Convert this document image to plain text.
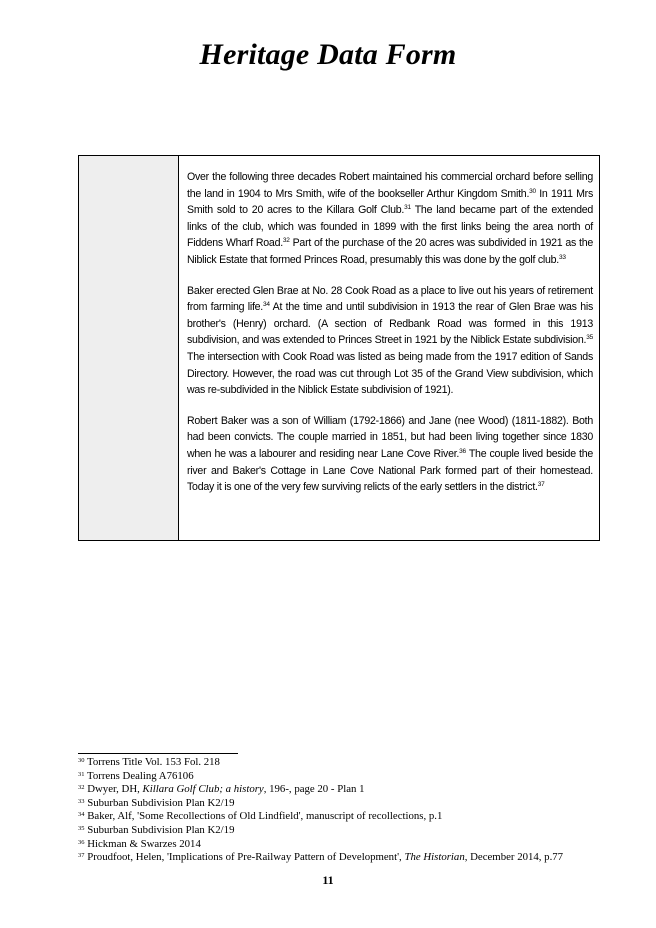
Heritage Data Form

Over the following three decades Robert maintained his commercial orchard before selling the land in 1904 to Mrs Smith, wife of the bookseller Arthur Kingdom Smith.$^{30}$ In 1911 Mrs Smith sold to 20 acres to the Killara Golf Club.$^{31}$ The land became part of the extended links of the club, which was founded in 1899 with the first links being the area north of Fiddens Wharf Road.$^{32}$ Part of the purchase of the 20 acres was subdivided in 1921 as the Niblick Estate that formed Princes Road, presumably this was done by the golf club.$^{33}$

Baker erected Glen Brae at No. 28 Cook Road as a place to live out his years of retirement from farming life.$^{34}$ At the time and until subdivision in 1913 the rear of Glen Brae was his brother's (Henry) orchard. (A section of Redbank Road was formed in this 1913 subdivision, and was extended to Princes Street in 1921 by the Niblick Estate subdivision.$^{35}$ The intersection with Cook Road was listed as being made from the 1917 edition of Sands Directory. However, the road was cut through Lot 35 of the Grand View subdivision, which was re-subdivided in the Niblick Estate subdivision of 1921).

Robert Baker was a son of William (1792-1866) and Jane (nee Wood) (1811-1882). Both had been convicts. The couple married in 1851, but had been living together since 1830 when he was a labourer and residing near Lane Cove River.$^{36}$ The couple lived beside the river and Baker's Cottage in Lane Cove National Park formed part of their homestead. Today it is one of the very few surviving relicts of the early settlers in the district.$^{37}$

$^{30}$ Torrens Title Vol. 153 Fol. 218
$^{31}$ Torrens Dealing A76106
$^{32}$ Dwyer, DH, Killara Golf Club; a history, 196-, page 20 - Plan 1
$^{33}$ Suburban Subdivision Plan K2/19
$^{34}$ Baker, Alf, 'Some Recollections of Old Lindfield', manuscript of recollections, p.1
$^{35}$ Suburban Subdivision Plan K2/19
$^{36}$ Hickman & Swarzes 2014
$^{37}$ Proudfoot, Helen, 'Implications of Pre-Railway Pattern of Development', The Historian, December 2014, p.77
11
